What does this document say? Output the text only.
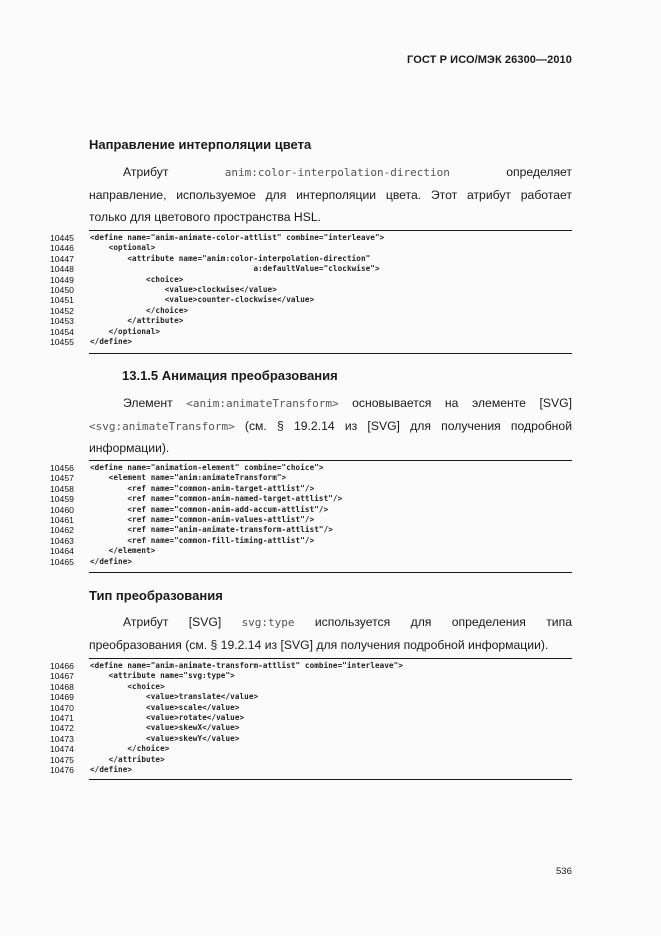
ГОСТ Р ИСО/МЭК 26300—2010
Направление интерполяции цвета
Атрибут	anim:color-interpolation-direction	определяет
направление, используемое для интерполяции цвета. Этот атрибут работает
только для цветового пространства HSL.
10445
10446
10447
10448
10449
10450
10451
10452
10453
10454
10455
<define name="anim-animate-color-attlist" combine="interleave">
<optional>
<attribute name="anim:color-interpolation-direction"
a:defaultValue="clockwise">
<choice>
<value>clockwise</value>
<value>counter-clockwise</value>
</choice>
</attribute>
</optional>
</define>
13.1.5 Анимация преобразования
Элемент <anim:animateTransform> основывается на элементе [SVG]
<svg:animateTransform> (см. § 19.2.14 из [SVG] для получения подробной
информации).
10456
10457
10458
10459
10460
10461
10462
10463
10464
10465
<define name="animation-element" combine="choice">
<element name="anim:animateTransform">
<ref name="common-anim-target-attlist"/>
<ref name="common-anim-named-target-attlist"/>
<ref name="common-anim-add-accum-attlist"/>
<ref name="common-anim-values-attlist"/>
<ref name="anim-animate-transform-attlist"/>
<ref name="common-fill-timing-attlist"/>
</element>
</define>
Тип преобразования
Атрибут [SVG] svg:type используется для определения типа
преобразования (см. § 19.2.14 из [SVG] для получения подробной информации).
10466
10467
10468
10469
10470
10471
10472
10473
10474
10475
10476
<define name="anim-animate-transform-attlist" combine="interleave">
<attribute name="svg:type">
<choice>
<value>translate</value>
<value>scale</value>
<value>rotate</value>
<value>skewX</value>
<value>skewY</value>
</choice>
</attribute>
</define>
536
